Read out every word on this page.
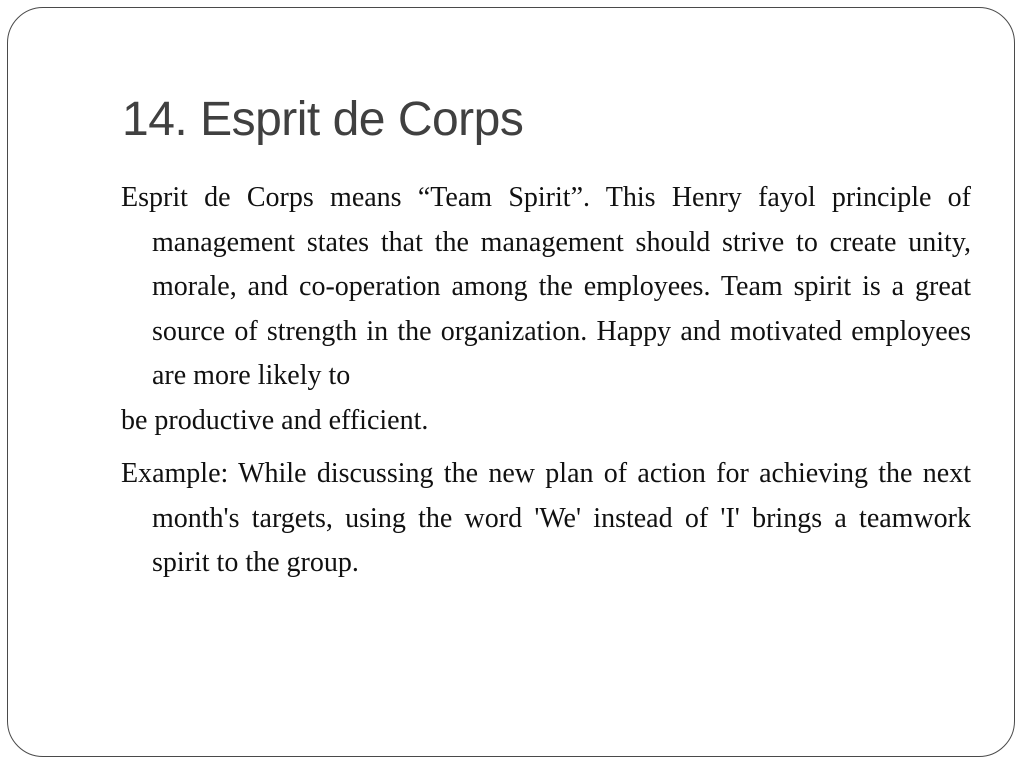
14. Esprit de Corps

Esprit de Corps means “Team Spirit”. This Henry fayol principle of management states that the management should strive to create unity, morale, and co-operation among the employees. Team spirit is a great source of strength in the organization. Happy and motivated employees are more likely to
be productive and efficient.

Example: While discussing the new plan of action for achieving the next month's targets, using the word 'We' instead of 'I' brings a teamwork spirit to the group.
